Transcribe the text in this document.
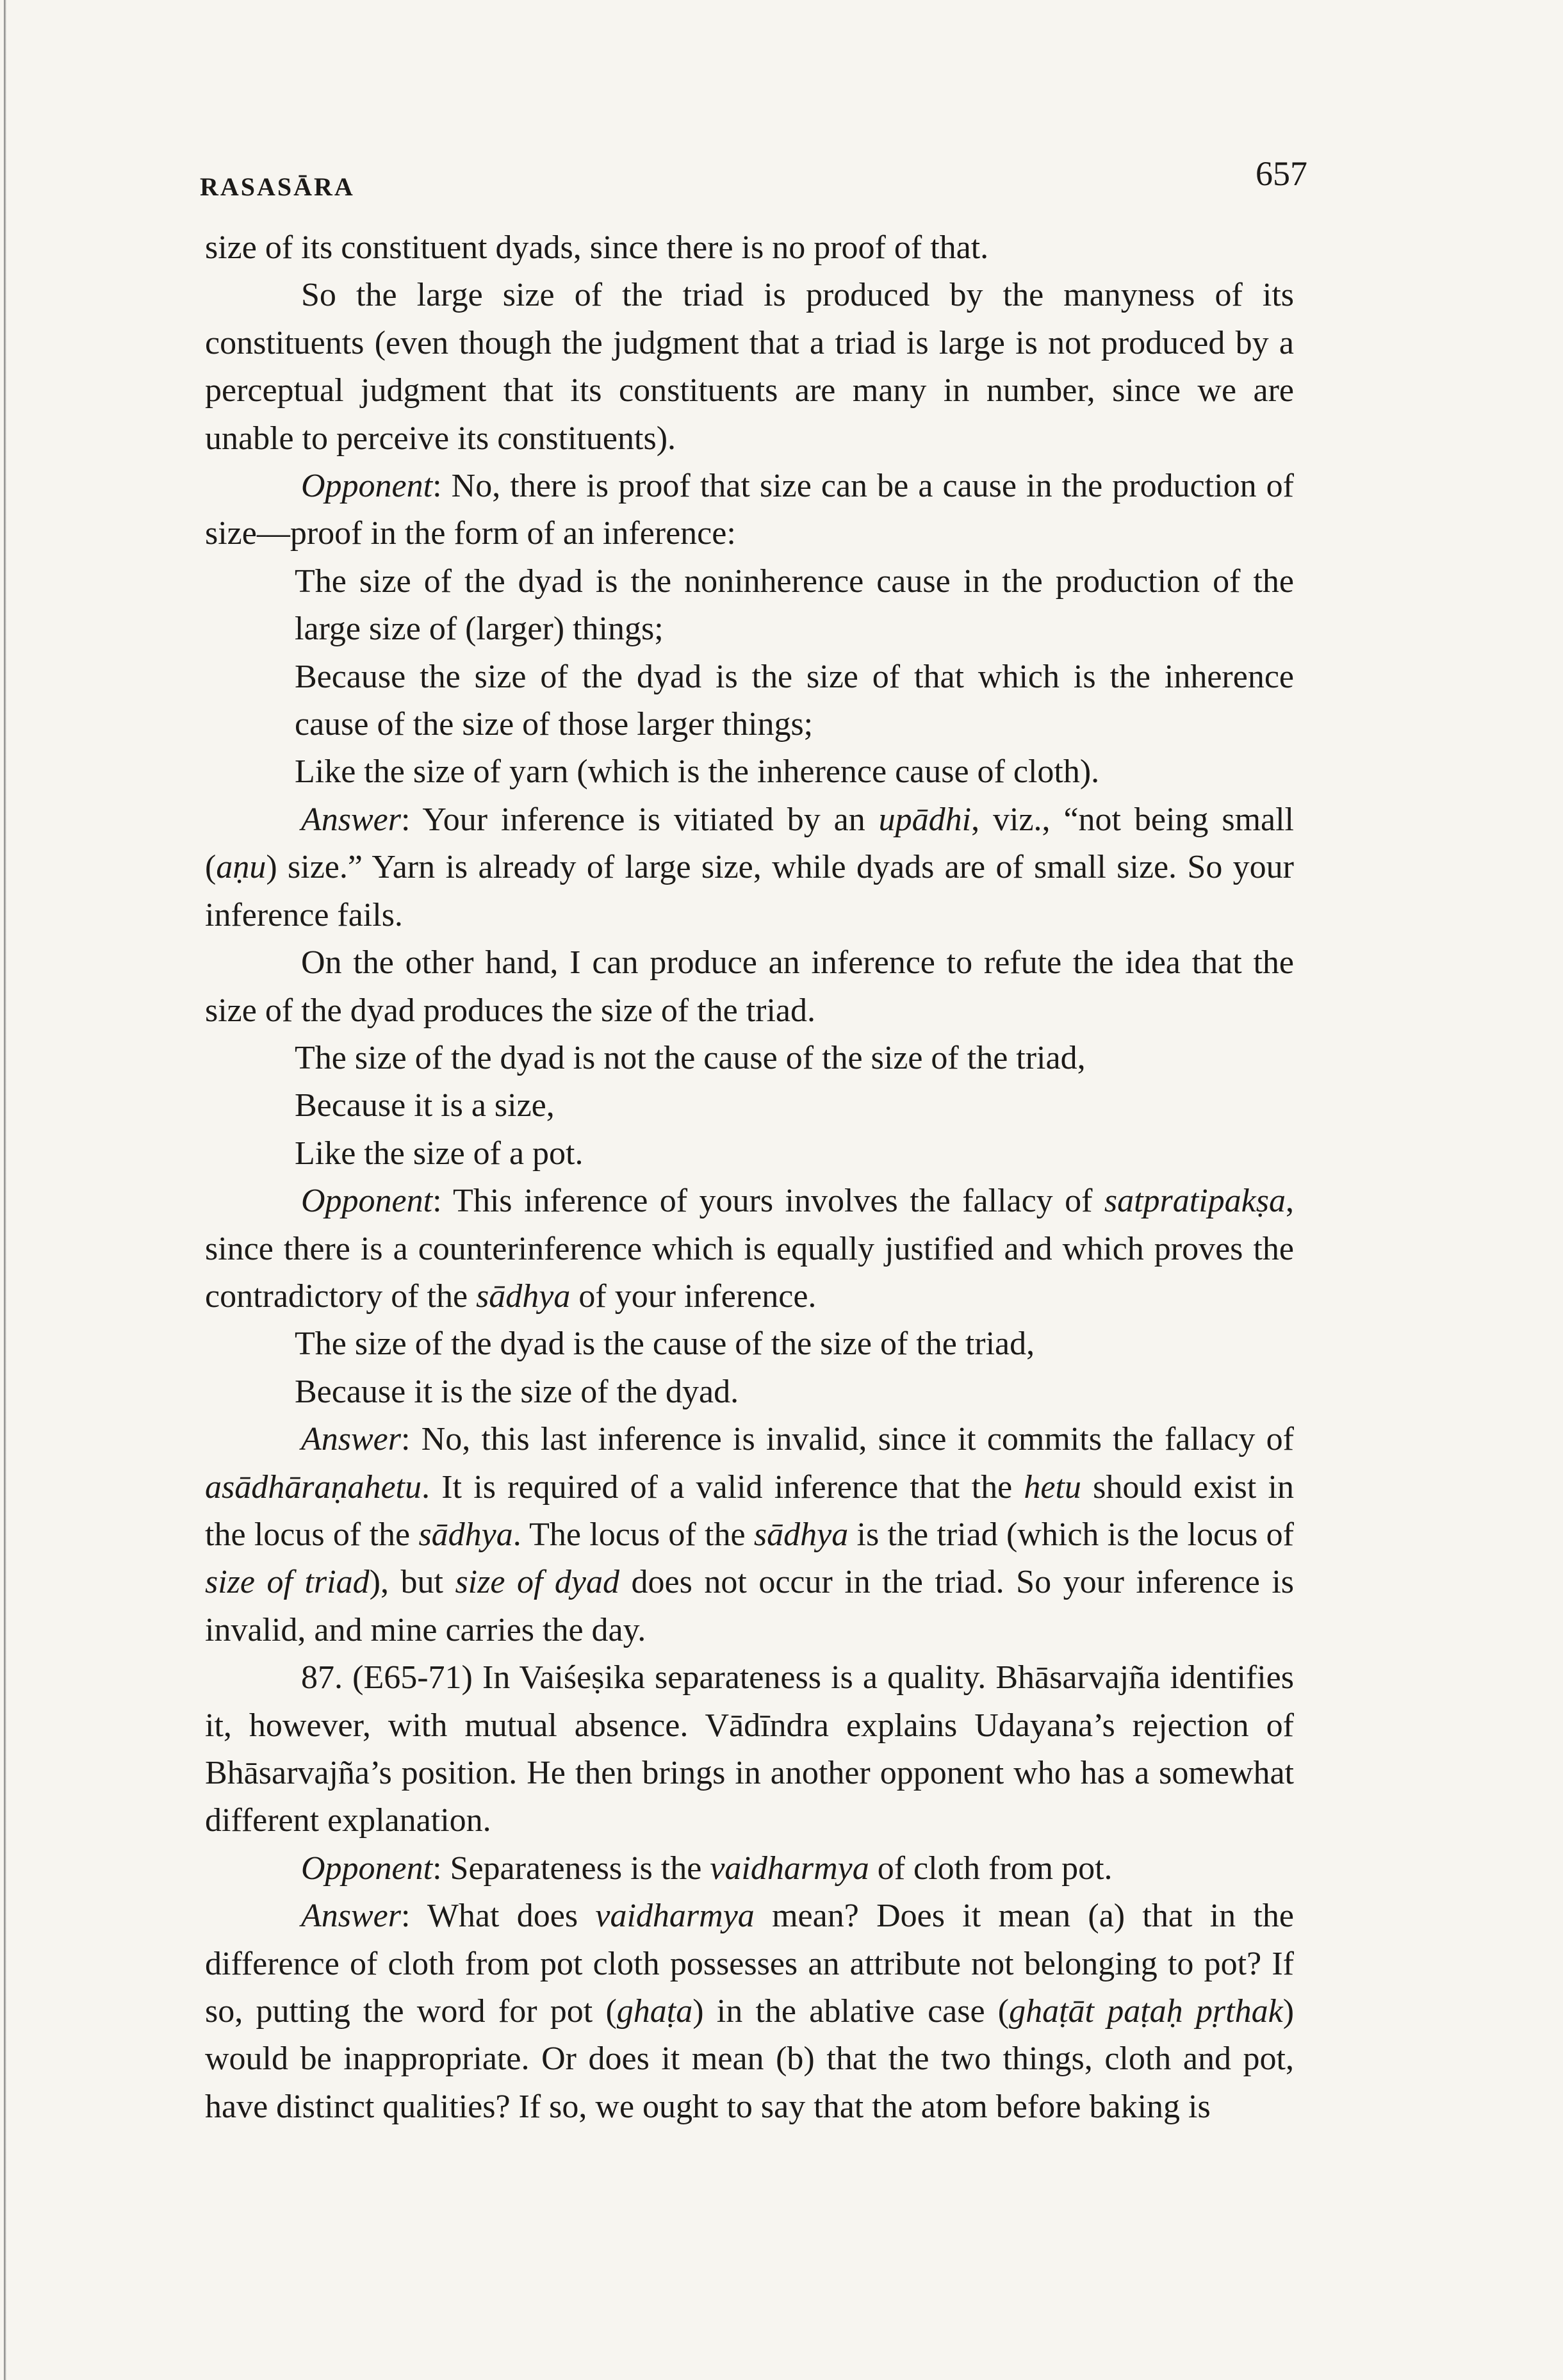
RASASĀRA	657

size of its constituent dyads, since there is no proof of that.

So the large size of the triad is produced by the manyness of its constituents (even though the judgment that a triad is large is not produced by a perceptual judgment that its constituents are many in number, since we are unable to perceive its constituents).

Opponent: No, there is proof that size can be a cause in the production of size—proof in the form of an inference:

The size of the dyad is the noninherence cause in the production of the large size of (larger) things;

Because the size of the dyad is the size of that which is the inherence cause of the size of those larger things;

Like the size of yarn (which is the inherence cause of cloth).

Answer: Your inference is vitiated by an upādhi, viz., “not being small (aṇu) size.” Yarn is already of large size, while dyads are of small size. So your inference fails.

On the other hand, I can produce an inference to refute the idea that the size of the dyad produces the size of the triad.

The size of the dyad is not the cause of the size of the triad,

Because it is a size,

Like the size of a pot.

Opponent: This inference of yours involves the fallacy of satpratipakṣa, since there is a counterinference which is equally justified and which proves the contradictory of the sādhya of your inference.

The size of the dyad is the cause of the size of the triad,

Because it is the size of the dyad.

Answer: No, this last inference is invalid, since it commits the fallacy of asādhāraṇahetu. It is required of a valid inference that the hetu should exist in the locus of the sādhya. The locus of the sādhya is the triad (which is the locus of size of triad), but size of dyad does not occur in the triad. So your inference is invalid, and mine carries the day.

87. (E65-71) In Vaiśeṣika separateness is a quality. Bhāsarvajña identifies it, however, with mutual absence. Vādīndra explains Udayana’s rejection of Bhāsarvajña’s position. He then brings in another opponent who has a somewhat different explanation.

Opponent: Separateness is the vaidharmya of cloth from pot.

Answer: What does vaidharmya mean? Does it mean (a) that in the difference of cloth from pot cloth possesses an attribute not belonging to pot? If so, putting the word for pot (ghaṭa) in the ablative case (ghaṭāt paṭaḥ pṛthak) would be inappropriate. Or does it mean (b) that the two things, cloth and pot, have distinct qualities? If so, we ought to say that the atom before baking is
